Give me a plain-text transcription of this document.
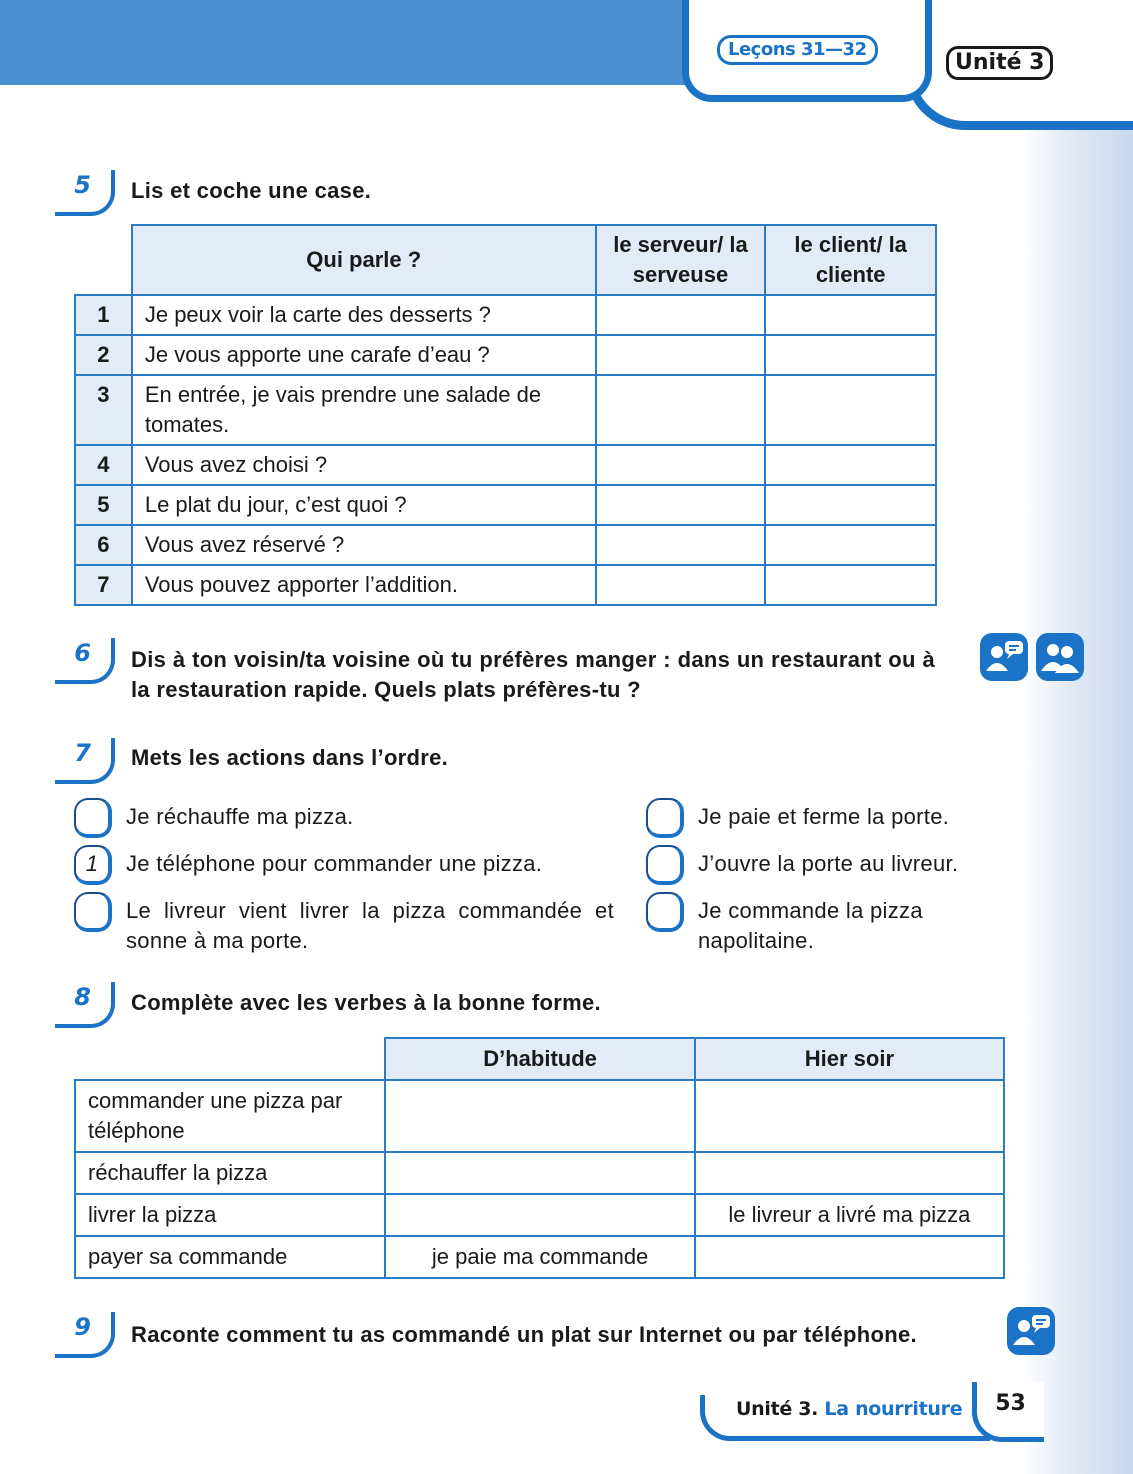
Leçons 31—32
Unité 3
5	Lis et coche une case.
	Qui parle ?	le serveur/ la serveuse	le client/ la cliente
1	Je peux voir la carte des desserts ?		
2	Je vous apporte une carafe d’eau ?		
3	En entrée, je vais prendre une salade de tomates.		
4	Vous avez choisi ?		
5	Le plat du jour, c’est quoi ?		
6	Vous avez réservé ?		
7	Vous pouvez apporter l’addition.		
6	Dis à ton voisin/ta voisine où tu préfères manger : dans un restaurant ou à la restauration rapide. Quels plats préfères-tu ?
7	Mets les actions dans l’ordre.
Je réchauffe ma pizza.
1	Je téléphone pour commander une pizza.
Le livreur vient livrer la pizza commandée et sonne à ma porte.
Je paie et ferme la porte.
J’ouvre la porte au livreur.
Je commande la pizza napolitaine.
8	Complète avec les verbes à la bonne forme.
	D’habitude	Hier soir
commander une pizza par téléphone		
réchauffer la pizza		
livrer la pizza		le livreur a livré ma pizza
payer sa commande	je paie ma commande	
9	Raconte comment tu as commandé un plat sur Internet ou par téléphone.
Unité 3. La nourriture	53
